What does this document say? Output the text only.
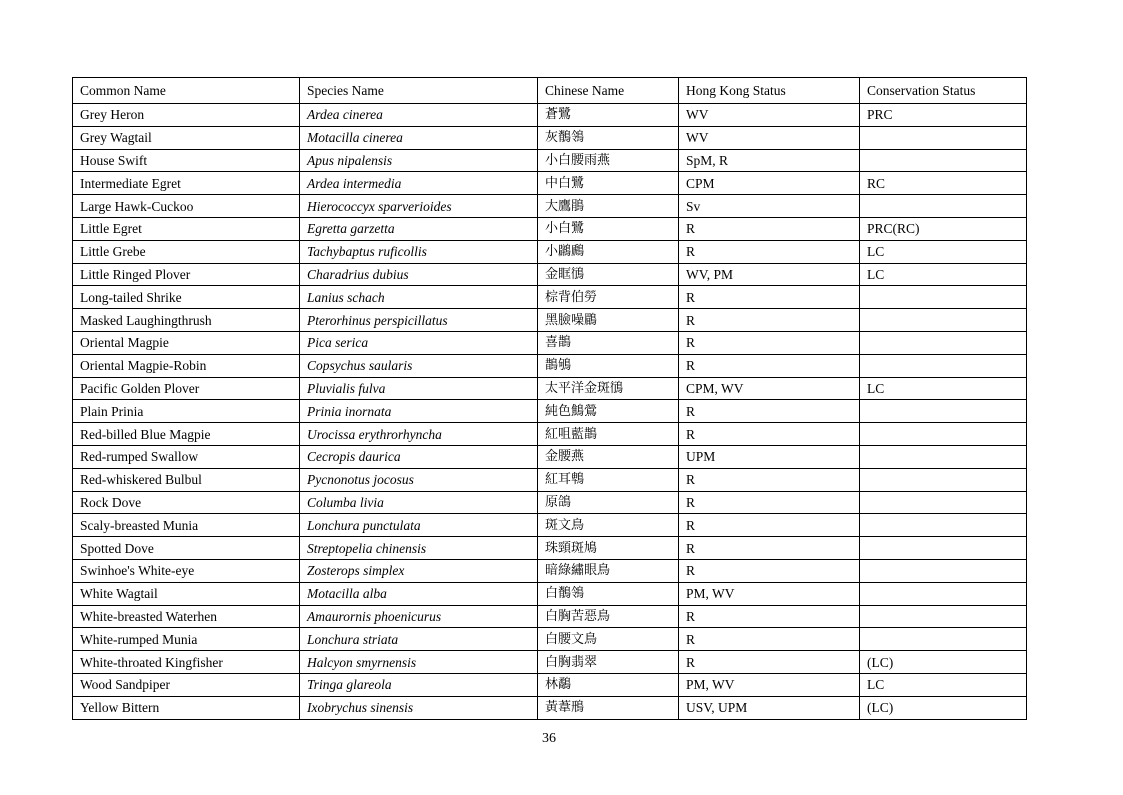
Common Name	Species Name	Chinese Name	Hong Kong Status	Conservation Status
Grey Heron	Ardea cinerea	蒼鷺	WV	PRC
Grey Wagtail	Motacilla cinerea	灰鶺鴒	WV	
House Swift	Apus nipalensis	小白腰雨燕	SpM, R	
Intermediate Egret	Ardea intermedia	中白鷺	CPM	RC
Large Hawk-Cuckoo	Hierococcyx sparverioides	大鷹鵑	Sv	
Little Egret	Egretta garzetta	小白鷺	R	PRC(RC)
Little Grebe	Tachybaptus ruficollis	小鸊鷉	R	LC
Little Ringed Plover	Charadrius dubius	金眶鴴	WV, PM	LC
Long-tailed Shrike	Lanius schach	棕背伯勞	R	
Masked Laughingthrush	Pterorhinus perspicillatus	黑臉噪鶥	R	
Oriental Magpie	Pica serica	喜鵲	R	
Oriental Magpie-Robin	Copsychus saularis	鵲鴝	R	
Pacific Golden Plover	Pluvialis fulva	太平洋金斑鴴	CPM, WV	LC
Plain Prinia	Prinia inornata	純色鷦鶯	R	
Red-billed Blue Magpie	Urocissa erythrorhyncha	紅咀藍鵲	R	
Red-rumped Swallow	Cecropis daurica	金腰燕	UPM	
Red-whiskered Bulbul	Pycnonotus jocosus	紅耳鵯	R	
Rock Dove	Columba livia	原鴿	R	
Scaly-breasted Munia	Lonchura punctulata	斑文鳥	R	
Spotted Dove	Streptopelia chinensis	珠頸斑鳩	R	
Swinhoe's White-eye	Zosterops simplex	暗綠繡眼鳥	R	
White Wagtail	Motacilla alba	白鶺鴒	PM, WV	
White-breasted Waterhen	Amaurornis phoenicurus	白胸苦惡鳥	R	
White-rumped Munia	Lonchura striata	白腰文鳥	R	
White-throated Kingfisher	Halcyon smyrnensis	白胸翡翠	R	(LC)
Wood Sandpiper	Tringa glareola	林鷸	PM, WV	LC
Yellow Bittern	Ixobrychus sinensis	黃葦鳽	USV, UPM	(LC)
36
